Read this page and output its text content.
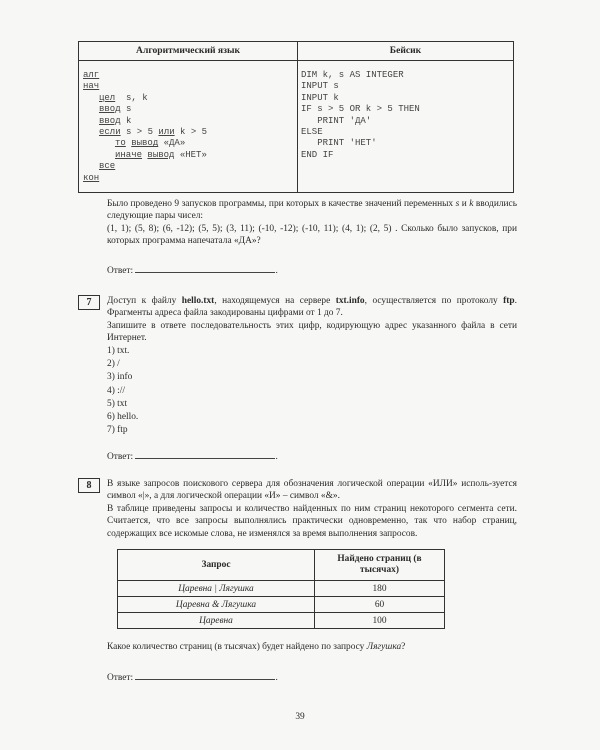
Алгоритмический язык	Бейсик
алг
нач
цел  s, k
ввод s
ввод k
если s > 5 или k > 5
то вывод «ДА»
иначе вывод «НЕТ»
все
кон
DIM k, s AS INTEGER
INPUT s
INPUT k
IF s > 5 OR k > 5 THEN
PRINT 'ДА'
ELSE
PRINT 'НЕТ'
END IF

Было проведено 9 запусков программы, при которых в качестве значений переменных s и k вводились следующие пары чисел:

(1, 1); (5, 8); (6, -12); (5, 5); (3, 11); (-10, -12); (-10, 11); (4, 1); (2, 5) . Сколько было запусков, при которых программа напечатала «ДА»?

Ответ:	.
7	Доступ к файлу hello.txt, находящемуся на сервере txt.info, осуществляется по протоколу ftp. Фрагменты адреса файла закодированы цифрами от 1 до 7.

Запишите в ответе последовательность этих цифр, кодирующую адрес указанного файла в сети Интернет.

1) txt.
2) /
3) info
4) ://
5) txt
6) hello.
7) ftp
Ответ:	.
8	В языке запросов поискового сервера для обозначения логической операции «ИЛИ» исполь-зуется символ «|», а для логической операции «И» – символ «&».

В таблице приведены запросы и количество найденных по ним страниц некоторого сегмента сети. Считается, что все запросы выполнялись практически одновременно, так что набор страниц, содержащих все искомые слова, не изменялся за время выполнения запросов.

Запрос	Найдено страниц (в тысячах)
Царевна | Лягушка	180
Царевна & Лягушка	60
Царевна	100
Какое количество страниц (в тысячах) будет найдено по запросу Лягушка?
Ответ:	.
39
